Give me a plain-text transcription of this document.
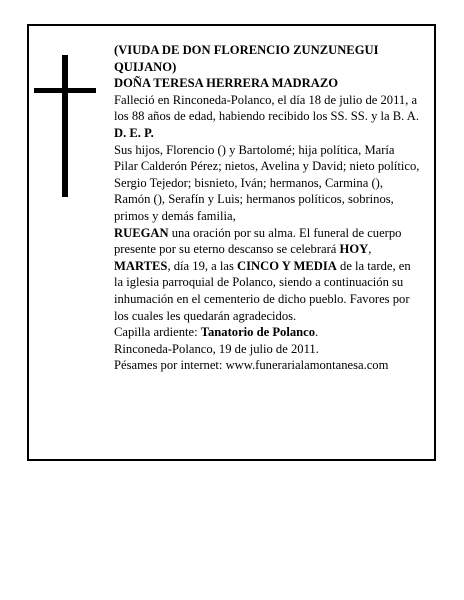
(VIUDA DE DON FLORENCIO ZUNZUNEGUI QUIJANO)

DOÑA TERESA HERRERA MADRAZO

Falleció en Rinconeda-Polanco, el día 18 de julio de 2011, a los 88 años de edad, habiendo recibido los SS. SS. y la B. A.

D. E. P.

Sus hijos, Florencio () y Bartolomé; hija política, María Pilar Calderón Pérez; nietos, Avelina y David; nieto político, Sergio Tejedor; bisnieto, Iván; hermanos, Carmina (), Ramón (), Serafín y Luis; hermanos políticos, sobrinos, primos y demás familia,

RUEGAN una oración por su alma. El funeral de cuerpo presente por su eterno descanso se celebrará HOY, MARTES, día 19, a las CINCO Y MEDIA de la tarde, en la iglesia parroquial de Polanco, siendo a continuación su inhumación en el cementerio de dicho pueblo. Favores por los cuales les quedarán agradecidos.

Capilla ardiente: Tanatorio de Polanco.

Rinconeda-Polanco, 19 de julio de 2011.

Pésames por internet: www.funerarialamontanesa.com
